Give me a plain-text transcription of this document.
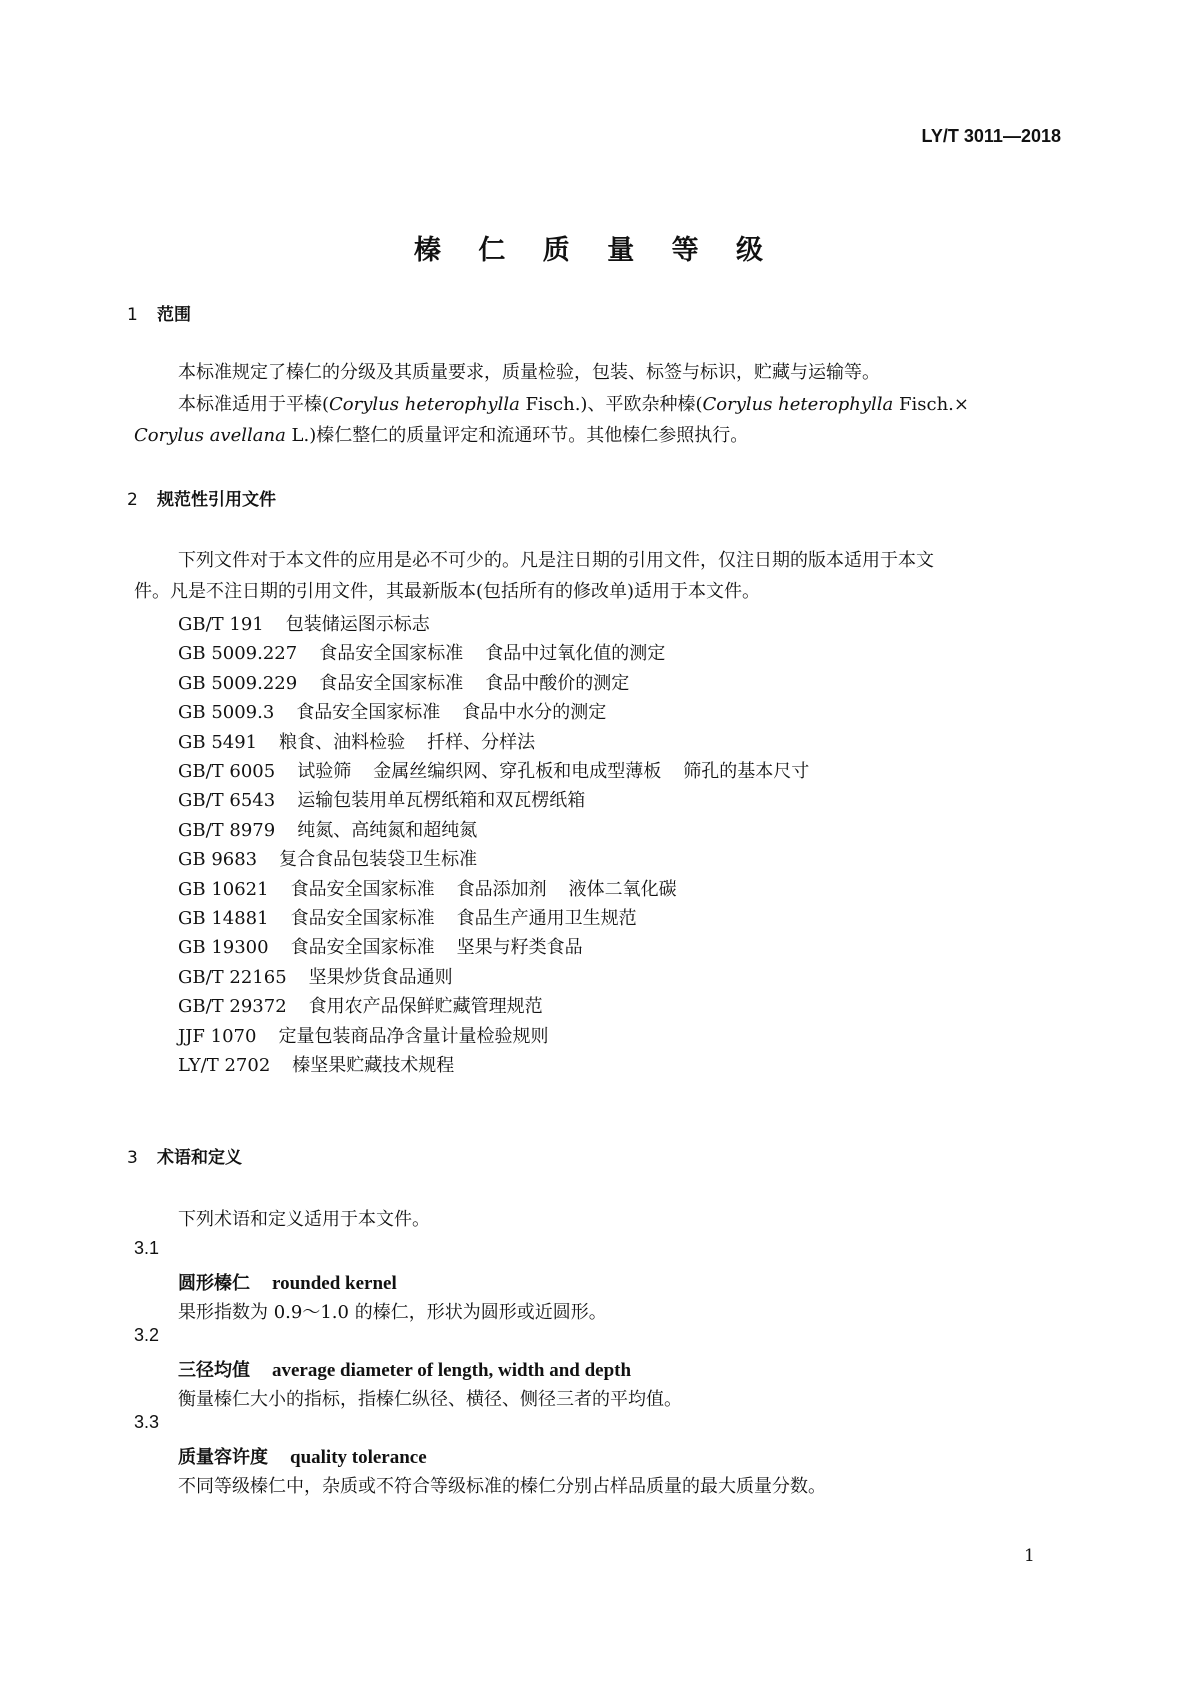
LY/T 3011—2018
榛 仁 质 量 等 级
1 范围
本标准规定了榛仁的分级及其质量要求，质量检验，包装、标签与标识，贮藏与运输等。
本标准适用于平榛(Corylus heterophylla Fisch.)、平欧杂种榛(Corylus heterophylla Fisch.×
Corylus avellana L.)榛仁整仁的质量评定和流通环节。其他榛仁参照执行。
2 规范性引用文件
下列文件对于本文件的应用是必不可少的。凡是注日期的引用文件，仅注日期的版本适用于本文
件。凡是不注日期的引用文件，其最新版本(包括所有的修改单)适用于本文件。
GB/T 191 包装储运图示标志
GB 5009.227 食品安全国家标准 食品中过氧化值的测定
GB 5009.229 食品安全国家标准 食品中酸价的测定
GB 5009.3 食品安全国家标准 食品中水分的测定
GB 5491 粮食、油料检验 扦样、分样法
GB/T 6005 试验筛 金属丝编织网、穿孔板和电成型薄板 筛孔的基本尺寸
GB/T 6543 运输包装用单瓦楞纸箱和双瓦楞纸箱
GB/T 8979 纯氮、高纯氮和超纯氮
GB 9683 复合食品包装袋卫生标准
GB 10621 食品安全国家标准 食品添加剂 液体二氧化碳
GB 14881 食品安全国家标准 食品生产通用卫生规范
GB 19300 食品安全国家标准 坚果与籽类食品
GB/T 22165 坚果炒货食品通则
GB/T 29372 食用农产品保鲜贮藏管理规范
JJF 1070 定量包装商品净含量计量检验规则
LY/T 2702 榛坚果贮藏技术规程
3 术语和定义
下列术语和定义适用于本文件。
3.1
圆形榛仁 rounded kernel
果形指数为 0.9～1.0 的榛仁，形状为圆形或近圆形。
3.2
三径均值 average diameter of length, width and depth
衡量榛仁大小的指标，指榛仁纵径、横径、侧径三者的平均值。
3.3
质量容许度 quality tolerance
不同等级榛仁中，杂质或不符合等级标准的榛仁分别占样品质量的最大质量分数。
1
